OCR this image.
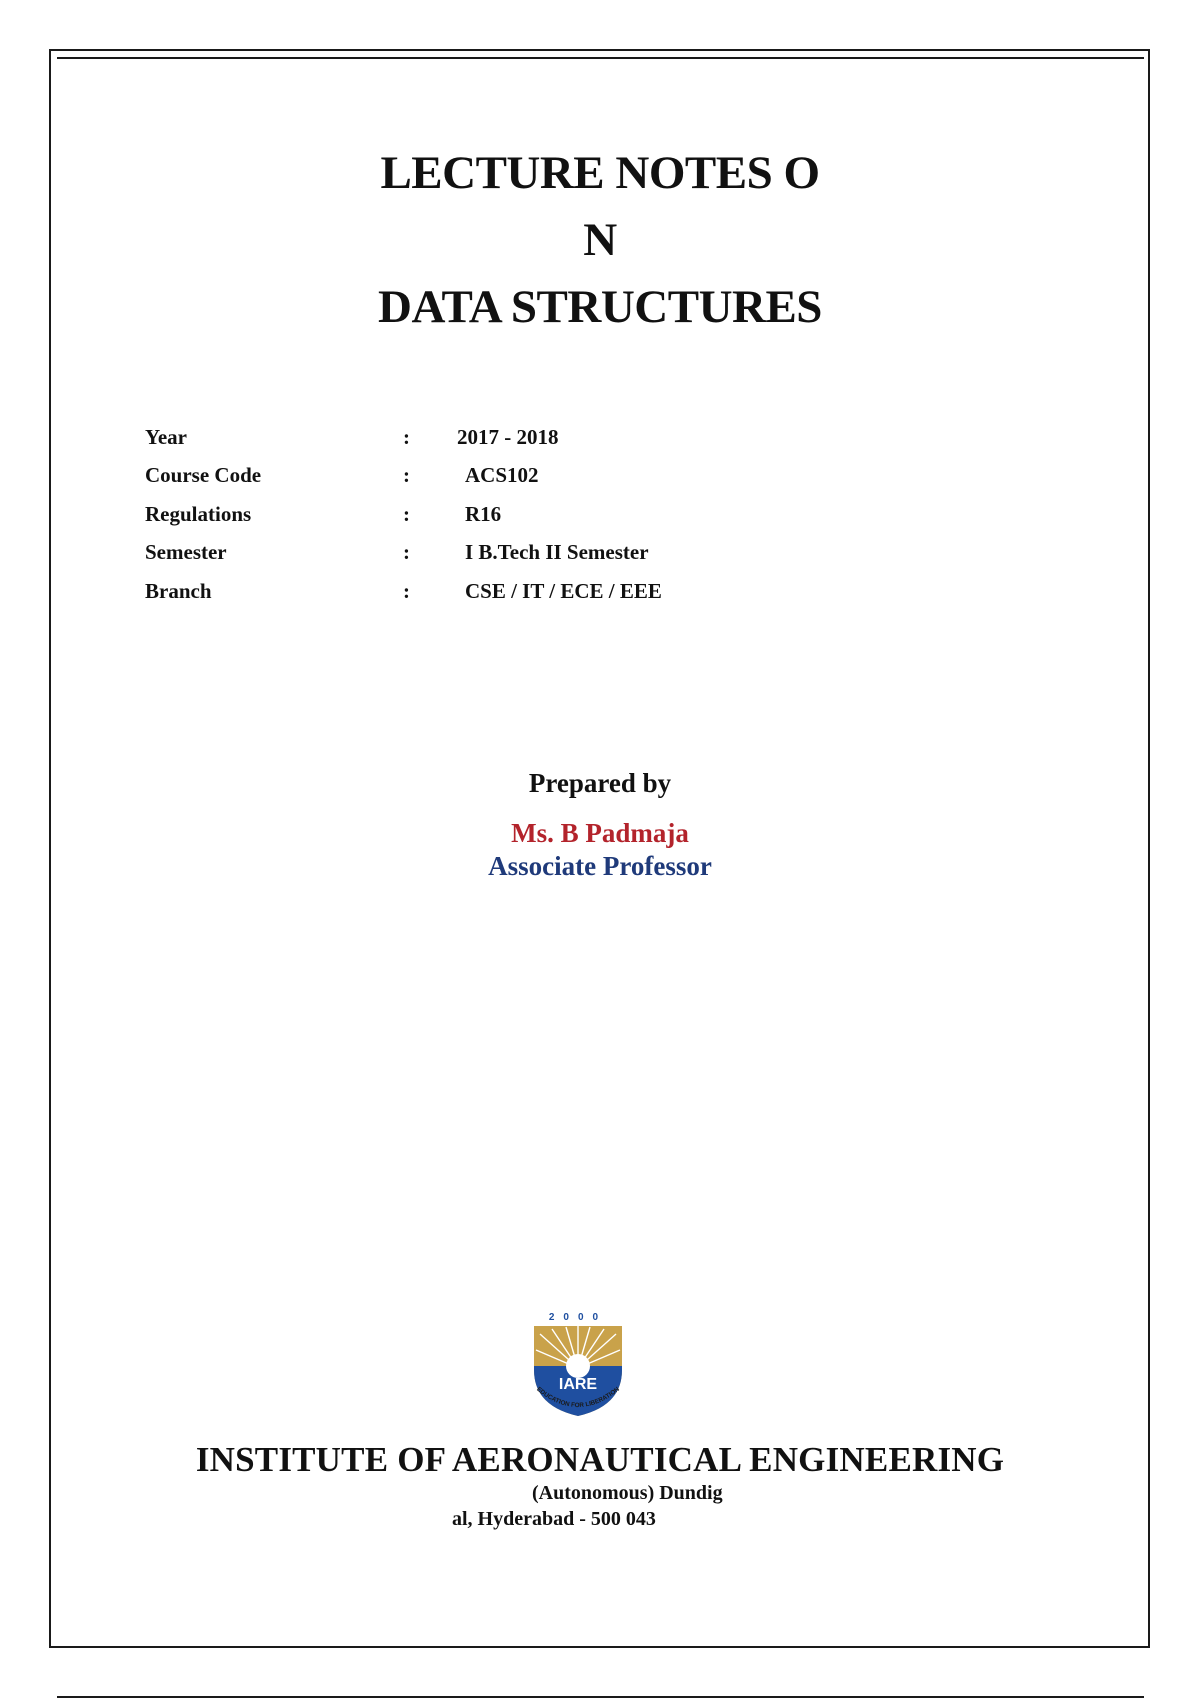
LECTURE NOTES O
N
DATA STRUCTURES
Year	:	2017 - 2018
Course Code	:	ACS102
Regulations	:	R16
Semester	:	I B.Tech II Semester
Branch	:	CSE / IT / ECE / EEE
Prepared by
Ms. B Padmaja
Associate Professor
2000
IARE
EDUCATION FOR LIBERATION
INSTITUTE OF AERONAUTICAL ENGINEERING
(Autonomous) Dundig
al, Hyderabad - 500 043
